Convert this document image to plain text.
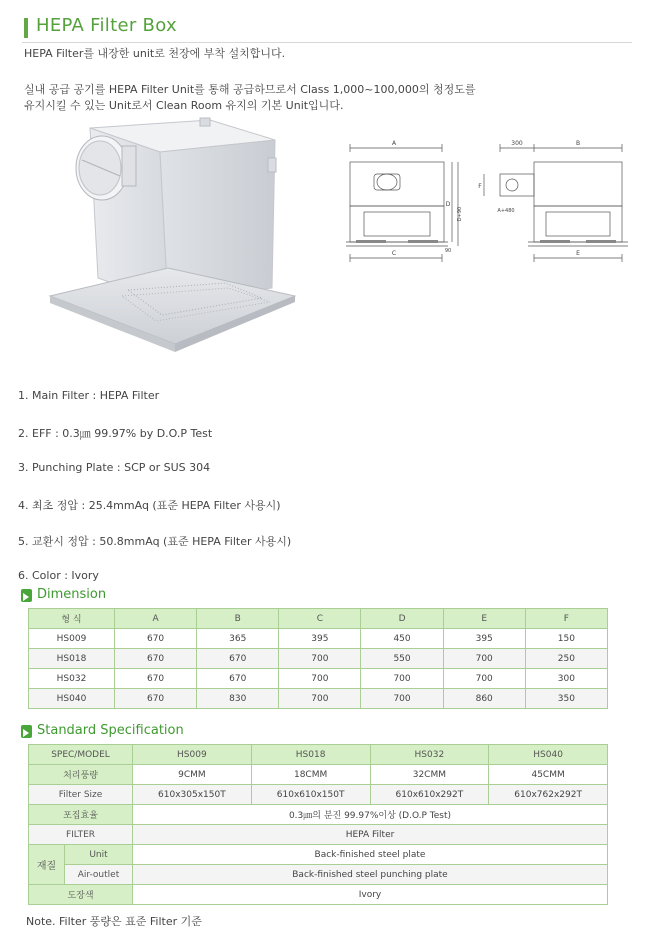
HEPA Filter Box
HEPA Filter를 내장한 unit로 천장에 부착 설치합니다.
실내 공급 공기를 HEPA Filter Unit를 통해 공급하므로서 Class 1,000~100,000의 청정도를
유지시킬 수 있는 Unit로서 Clean Room 유지의 기본 Unit입니다.
A
C
D
D+90
90
300	B
F
A+480
E
1. Main Filter : HEPA Filter
2. EFF : 0.3㎛ 99.97% by D.O.P Test
3. Punching Plate : SCP or SUS 304
4. 최초 정압 : 25.4mmAq (표준 HEPA Filter 사용시)
5. 교환시 정압 : 50.8mmAq (표준 HEPA Filter 사용시)
6. Color : Ivory
Dimension
형 식	A	B	C	D	E	F
HS009	670	365	395	450	395	150
HS018	670	670	700	550	700	250
HS032	670	670	700	700	700	300
HS040	670	830	700	700	860	350
Standard Specification
SPEC/MODEL		HS009	HS018	HS032	HS040
처리풍량		9CMM	18CMM	32CMM	45CMM
Filter Size		610x305x150T	610x610x150T	610x610x292T	610x762x292T
포집효율		0.3㎛의 분진 99.97%이상 (D.O.P Test)			
FILTER		HEPA Filter			
재질	Unit	Back-finished steel plate			
	Air-outlet	Back-finished steel punching plate			
도장색		Ivory			
Note. Filter 풍량은 표준 Filter 기준
